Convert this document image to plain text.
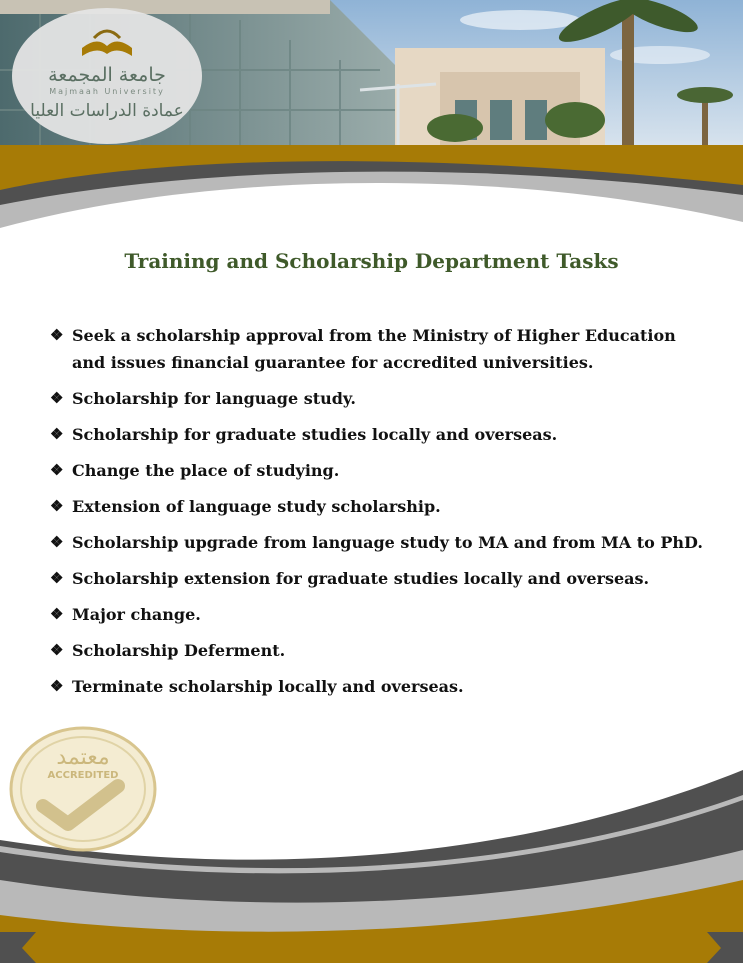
جامعة المجمعة
Majmaah University
عمادة الدراسات العليا
Training and Scholarship Department Tasks
❖ Seek a scholarship approval from the Ministry of Higher Education and issues financial guarantee for accredited universities.
❖ Scholarship for language study.
❖ Scholarship for graduate studies locally and overseas.
❖ Change the place of studying.
❖ Extension of language study scholarship.
❖ Scholarship upgrade from language study to MA and from MA to PhD.
❖ Scholarship extension for graduate studies locally and overseas.
❖ Major change.
❖ Scholarship Deferment.
❖ Terminate scholarship locally and overseas.
معتمد
ACCREDITED
